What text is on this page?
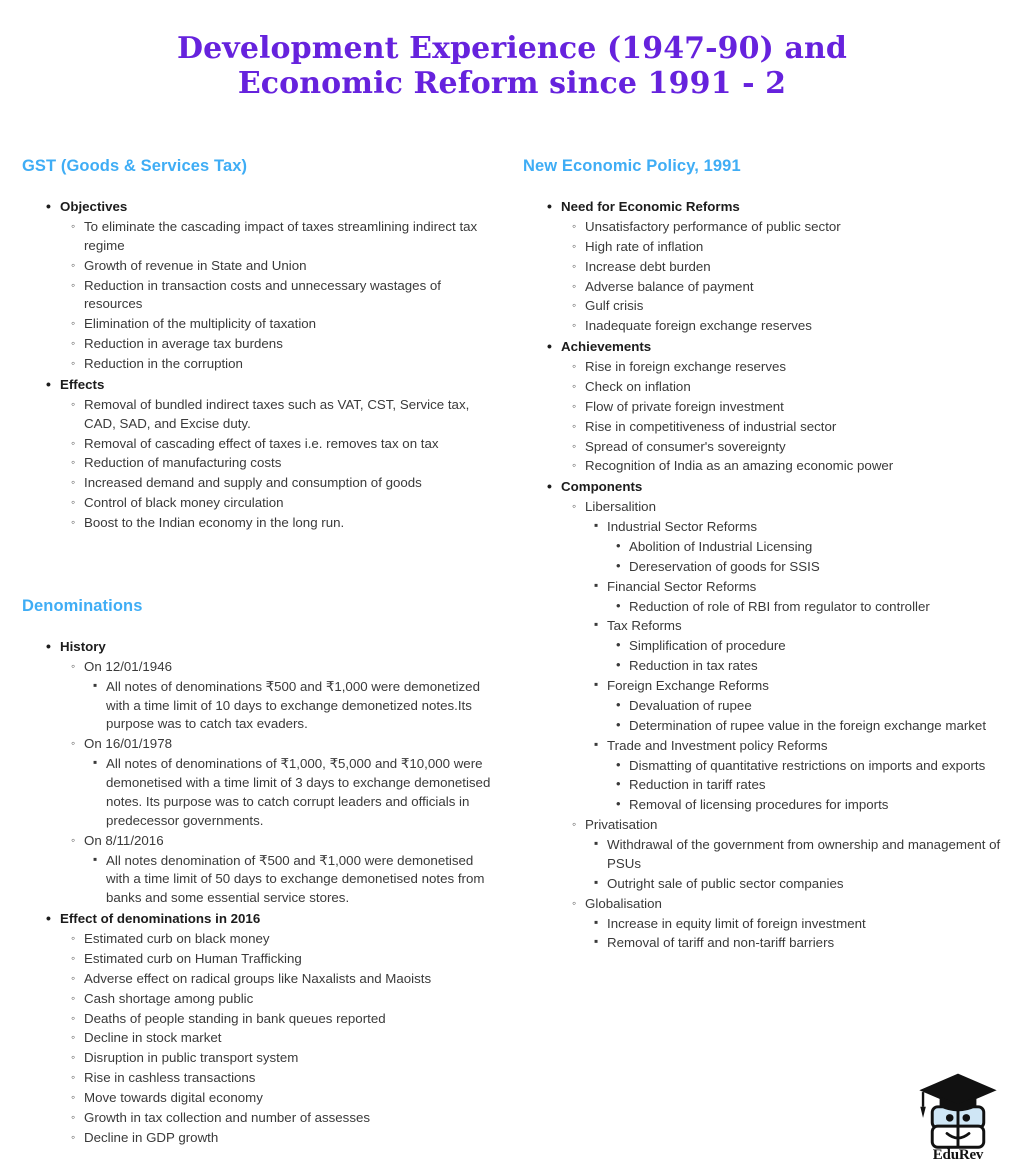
Development Experience (1947-90) and
Economic Reform since 1991 - 2
GST (Goods & Services Tax)
• Objectives
◦ To eliminate the cascading impact of taxes streamlining indirect tax regime
◦ Growth of revenue in State and Union
◦ Reduction in transaction costs and unnecessary wastages of resources
◦ Elimination of the multiplicity of taxation
◦ Reduction in average tax burdens
◦ Reduction in the corruption
• Effects
◦ Removal of bundled indirect taxes such as VAT, CST, Service tax, CAD, SAD, and Excise duty.
◦ Removal of cascading effect of taxes i.e. removes tax on tax
◦ Reduction of manufacturing costs
◦ Increased demand and supply and consumption of goods
◦ Control of black money circulation
◦ Boost to the Indian economy in the long run.
Denominations
• History
◦ On 12/01/1946
▪ All notes of denominations ₹500 and ₹1,000 were demonetized with a time limit of 10 days to exchange demonetized notes.Its purpose was to catch tax evaders.
◦ On 16/01/1978
▪ All notes of denominations of ₹1,000, ₹5,000 and ₹10,000 were demonetised with a time limit of 3 days to exchange demonetised notes. Its purpose was to catch corrupt leaders and officials in predecessor governments.
◦ On 8/11/2016
▪ All notes denomination of ₹500 and ₹1,000 were demonetised with a time limit of 50 days to exchange demonetised notes from banks and some essential service stores.
• Effect of denominations in 2016
◦ Estimated curb on black money
◦ Estimated curb on Human Trafficking
◦ Adverse effect on radical groups like Naxalists and Maoists
◦ Cash shortage among public
◦ Deaths of people standing in bank queues reported
◦ Decline in stock market
◦ Disruption in public transport system
◦ Rise in cashless transactions
◦ Move towards digital economy
◦ Growth in tax collection and number of assesses
◦ Decline in GDP growth
New Economic Policy, 1991
• Need for Economic Reforms
◦ Unsatisfactory performance of public sector
◦ High rate of inflation
◦ Increase debt burden
◦ Adverse balance of payment
◦ Gulf crisis
◦ Inadequate foreign exchange reserves
• Achievements
◦ Rise in foreign exchange reserves
◦ Check on inflation
◦ Flow of private foreign investment
◦ Rise in competitiveness of industrial sector
◦ Spread of consumer's sovereignty
◦ Recognition of India as an amazing economic power
• Components
◦ Libersalition
▪ Industrial Sector Reforms
• Abolition of Industrial Licensing
• Dereservation of goods for SSIS
▪ Financial Sector Reforms
• Reduction of role of RBI from regulator to controller
▪ Tax Reforms
• Simplification of procedure
• Reduction in tax rates
▪ Foreign Exchange Reforms
• Devaluation of rupee
• Determination of rupee value in the foreign exchange market
▪ Trade and Investment policy Reforms
• Dismatting of quantitative restrictions on imports and exports
• Reduction in tariff rates
• Removal of licensing procedures for imports
◦ Privatisation
▪ Withdrawal of the government from ownership and management of PSUs
▪ Outright sale of public sector companies
◦ Globalisation
▪ Increase in equity limit of foreign investment
▪ Removal of tariff and non-tariff barriers
EduRev
